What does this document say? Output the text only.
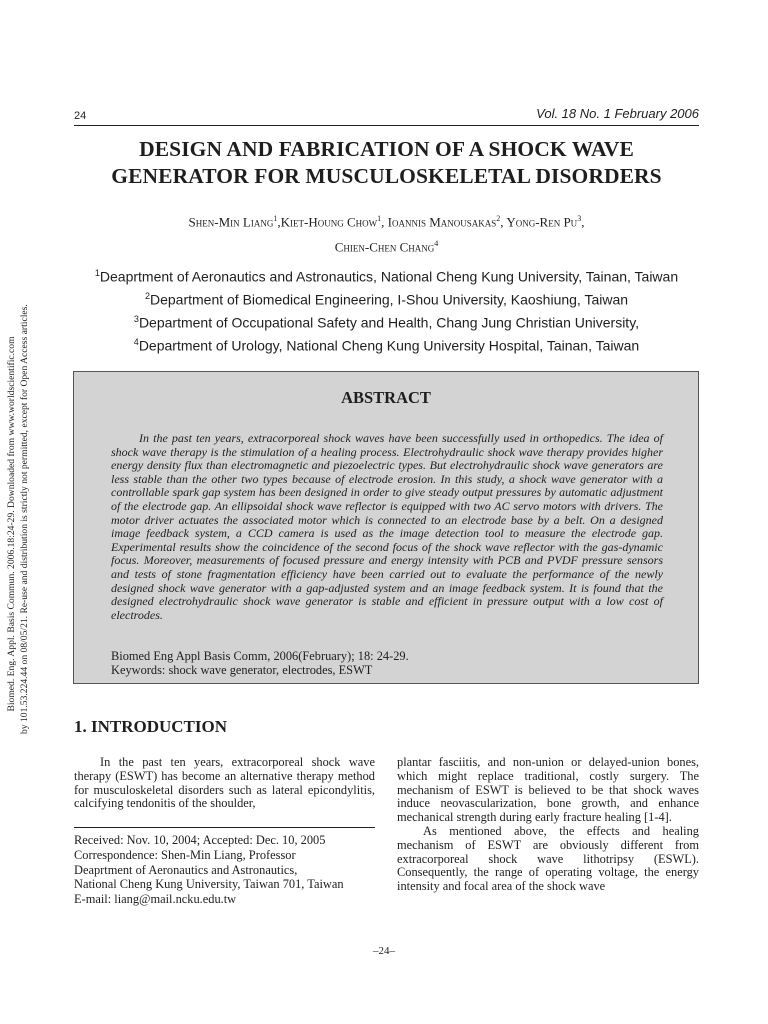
Biomed. Eng. Appl. Basis Commun. 2006.18:24-29. Downloaded from www.worldscientific.com by 101.53.224.44 on 08/05/21. Re-use and distribution is strictly not permitted, except for Open Access articles.
24	Vol. 18 No. 1 February 2006
DESIGN AND FABRICATION OF A SHOCK WAVE
GENERATOR FOR MUSCULOSKELETAL DISORDERS
Shen-Min Liang$^1$,Kiet-Houng Chow$^1$, Ioannis Manousakas$^2$, Yong-Ren Pu$^3$,
Chien-Chen Chang$^4$
$^1$Deaprtment of Aeronautics and Astronautics, National Cheng Kung University, Tainan, Taiwan
$^2$Department of Biomedical Engineering, I-Shou University, Kaoshiung, Taiwan
$^3$Department of Occupational Safety and Health, Chang Jung Christian University,
$^4$Department of Urology, National Cheng Kung University Hospital, Tainan, Taiwan
ABSTRACT
In the past ten years, extracorporeal shock waves have been successfully used in orthopedics. The idea of shock wave therapy is the stimulation of a healing process. Electrohydraulic shock wave therapy provides higher energy density flux than electromagnetic and piezoelectric types. But electrohydraulic shock wave generators are less stable than the other two types because of electrode erosion. In this study, a shock wave generator with a controllable spark gap system has been designed in order to give steady output pressures by automatic adjustment of the electrode gap. An ellipsoidal shock wave reflector is equipped with two AC servo motors with drivers. The motor driver actuates the associated motor which is connected to an electrode base by a belt. On a designed image feedback system, a CCD camera is used as the image detection tool to measure the electrode gap. Experimental results show the coincidence of the second focus of the shock wave reflector with the gas-dynamic focus. Moreover, measurements of focused pressure and energy intensity with PCB and PVDF pressure sensors and tests of stone fragmentation efficiency have been carried out to evaluate the performance of the newly designed shock wave generator with a gap-adjusted system and an image feedback system. It is found that the designed electrohydraulic shock wave generator is stable and efficient in pressure output with a low cost of electrodes.
Biomed Eng Appl Basis Comm, 2006(February); 18: 24-29.
Keywords: shock wave generator, electrodes, ESWT
1. INTRODUCTION
In the past ten years, extracorporeal shock wave therapy (ESWT) has become an alternative therapy method for musculoskeletal disorders such as lateral epicondylitis, calcifying tendonitis of the shoulder,
Received: Nov. 10, 2004; Accepted: Dec. 10, 2005
Correspondence: Shen-Min Liang, Professor
Deaprtment of Aeronautics and Astronautics,
National Cheng Kung University, Taiwan 701, Taiwan
E-mail: liang@mail.ncku.edu.tw

plantar fasciitis, and non-union or delayed-union bones, which might replace traditional, costly surgery. The mechanism of ESWT is believed to be that shock waves induce neovascularization, bone growth, and enhance mechanical strength during early fracture healing [1-4].

As mentioned above, the effects and healing mechanism of ESWT are obviously different from extracorporeal shock wave lithotripsy (ESWL). Consequently, the range of operating voltage, the energy intensity and focal area of the shock wave

–24–
